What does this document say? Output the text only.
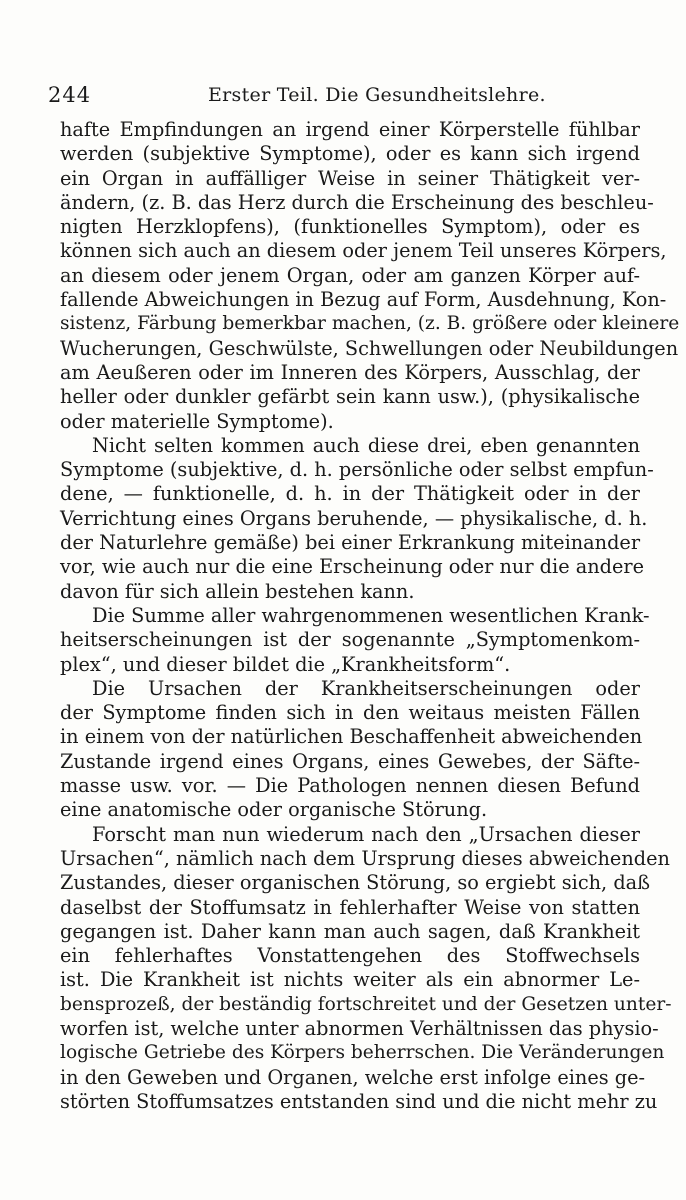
244	Erster Teil. Die Gesundheitslehre.
hafte Empfindungen an irgend einer Körperstelle fühlbar
werden (subjektive Symptome), oder es kann sich irgend
ein Organ in auffälliger Weise in seiner Thätigkeit ver-
ändern, (z. B. das Herz durch die Erscheinung des beschleu-
nigten Herzklopfens), (funktionelles Symptom), oder es
können sich auch an diesem oder jenem Teil unseres Körpers,
an diesem oder jenem Organ, oder am ganzen Körper auf-
fallende Abweichungen in Bezug auf Form, Ausdehnung, Kon-
sistenz, Färbung bemerkbar machen, (z. B. größere oder kleinere
Wucherungen, Geschwülste, Schwellungen oder Neubildungen
am Aeußeren oder im Inneren des Körpers, Ausschlag, der
heller oder dunkler gefärbt sein kann usw.), (physikalische
oder materielle Symptome).
Nicht selten kommen auch diese drei, eben genannten
Symptome (subjektive, d. h. persönliche oder selbst empfun-
dene, — funktionelle, d. h. in der Thätigkeit oder in der
Verrichtung eines Organs beruhende, — physikalische, d. h.
der Naturlehre gemäße) bei einer Erkrankung miteinander
vor, wie auch nur die eine Erscheinung oder nur die andere
davon für sich allein bestehen kann.
Die Summe aller wahrgenommenen wesentlichen Krank-
heitserscheinungen ist der sogenannte „Symptomenkom-
plex“, und dieser bildet die „Krankheitsform“.
Die Ursachen der Krankheitserscheinungen oder
der Symptome finden sich in den weitaus meisten Fällen
in einem von der natürlichen Beschaffenheit abweichenden
Zustande irgend eines Organs, eines Gewebes, der Säfte-
masse usw. vor. — Die Pathologen nennen diesen Befund
eine anatomische oder organische Störung.
Forscht man nun wiederum nach den „Ursachen dieser
Ursachen“, nämlich nach dem Ursprung dieses abweichenden
Zustandes, dieser organischen Störung, so ergiebt sich, daß
daselbst der Stoffumsatz in fehlerhafter Weise von statten
gegangen ist. Daher kann man auch sagen, daß Krankheit
ein fehlerhaftes Vonstattengehen des Stoffwechsels
ist. Die Krankheit ist nichts weiter als ein abnormer Le-
bensprozeß, der beständig fortschreitet und der Gesetzen unter-
worfen ist, welche unter abnormen Verhältnissen das physio-
logische Getriebe des Körpers beherrschen. Die Veränderungen
in den Geweben und Organen, welche erst infolge eines ge-
störten Stoffumsatzes entstanden sind und die nicht mehr zu
